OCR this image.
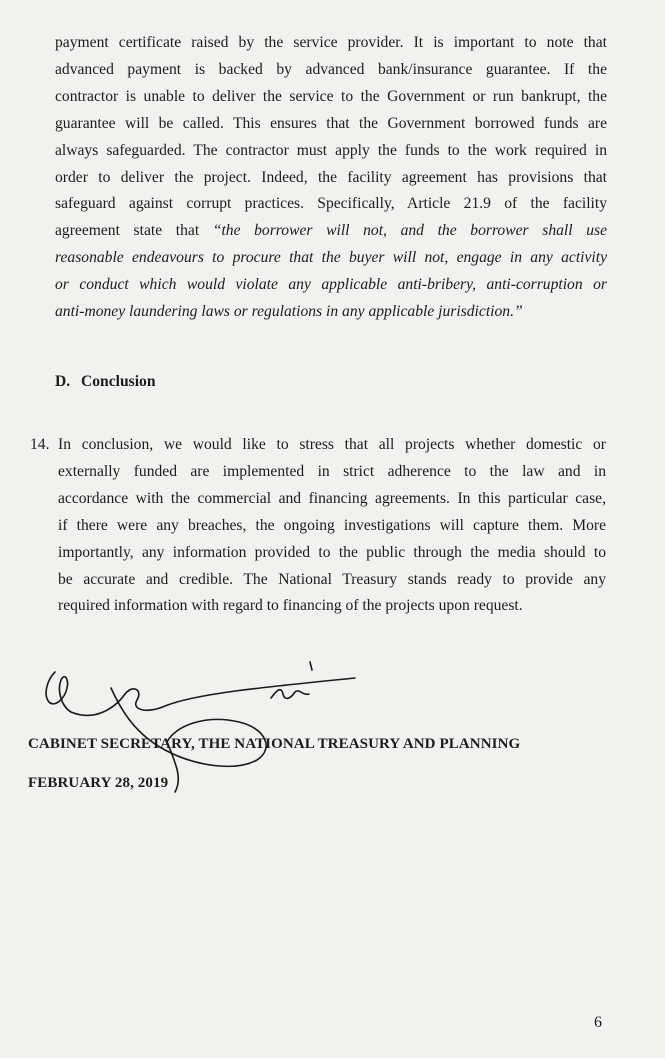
payment certificate raised by the service provider. It is important to note that
advanced payment is backed by advanced bank/insurance guarantee. If the
contractor is unable to deliver the service to the Government or run bankrupt, the
guarantee will be called. This ensures that the Government borrowed funds are
always safeguarded. The contractor must apply the funds to the work required in
order to deliver the project. Indeed, the facility agreement has provisions that
safeguard against corrupt practices. Specifically, Article 21.9 of the facility
agreement state that “the borrower will not, and the borrower shall use
reasonable endeavours to procure that the buyer will not, engage in any activity
or conduct which would violate any applicable anti-bribery, anti-corruption or
anti-money laundering laws or regulations in any applicable jurisdiction.”
D. Conclusion
14. In conclusion, we would like to stress that all projects whether domestic or
externally funded are implemented in strict adherence to the law and in
accordance with the commercial and financing agreements. In this particular case,
if there were any breaches, the ongoing investigations will capture them. More
importantly, any information provided to the public through the media should to
be accurate and credible. The National Treasury stands ready to provide any
required information with regard to financing of the projects upon request.
CABINET SECRETARY, THE NATIONAL TREASURY AND PLANNING
FEBRUARY 28, 2019
6
